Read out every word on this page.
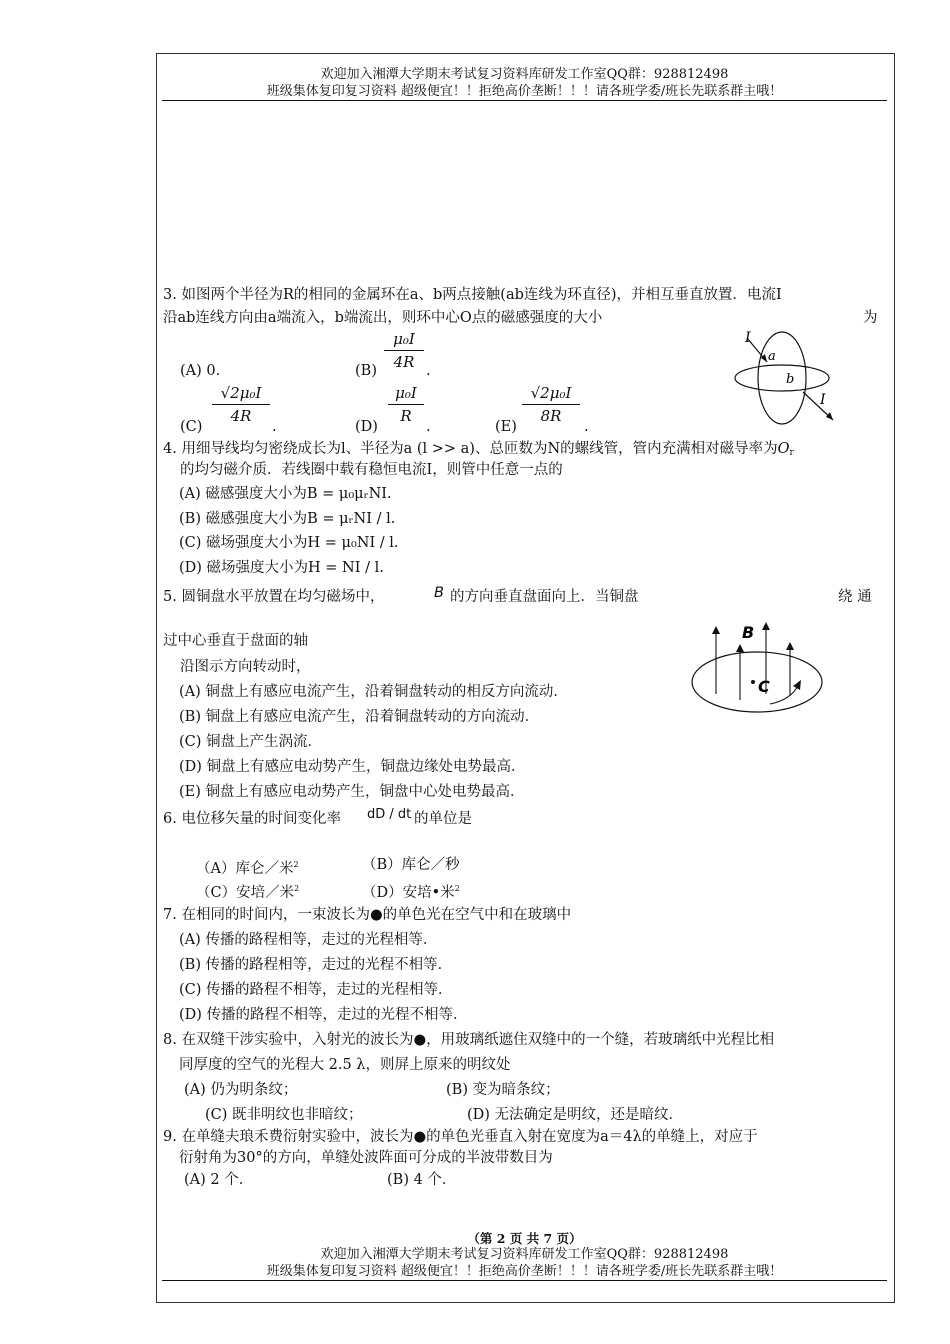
欢迎加入湘潭大学期末考试复习资料库研发工作室QQ群：928812498
班级集体复印复习资料 超级便宜！！拒绝高价垄断！！！请各班学委/班长先联系群主哦！
3. 如图两个半径为R的相同的金属环在a、b两点接触(ab连线为环直径)，并相互垂直放置．电流I
沿ab连线方向由a端流入，b端流出，则环中心O点的磁感强度的大小	为
(A) 0.	$(B) \frac{\text{μ₀I}}{4R}$ .
(C)
$\frac{\text{√2μ₀I}}{4R}$
.	(D)
$\frac{\text{μ₀I}}{R}$
.	(E)
$\frac{\text{√2μ₀I}}{8R}$
.
I
a
b
I
4. 用细导线均匀密绕成长为l、半径为a (l >> a)、总匝数为N的螺线管，管内充满相对磁导率为Οr
的均匀磁介质．若线圈中载有稳恒电流I，则管中任意一点的
(A) 磁感强度大小为B = μ₀μᵣNI.
(B) 磁感强度大小为B = μᵣNI / l.
(C) 磁场强度大小为H = μ₀NI / l.
(D) 磁场强度大小为H = NI / l.
5. 圆铜盘水平放置在均匀磁场中，	B 的方向垂直盘面向上．当铜盘	绕 通
过中心垂直于盘面的轴
沿图示方向转动时，
(A) 铜盘上有感应电流产生，沿着铜盘转动的相反方向流动．
(B) 铜盘上有感应电流产生，沿着铜盘转动的方向流动．
(C) 铜盘上产生涡流．
(D) 铜盘上有感应电动势产生，铜盘边缘处电势最高．
(E) 铜盘上有感应电动势产生，铜盘中心处电势最高．
B
C
6. 电位移矢量的时间变化率 dD / dt 的单位是
（A）库仑／米$^2$	（B）库仑／秒
（C）安培／米$^2$	（D）安培•米$^2$
7. 在相同的时间内，一束波长为●的单色光在空气中和在玻璃中
(A) 传播的路程相等，走过的光程相等．
(B) 传播的路程相等，走过的光程不相等．
(C) 传播的路程不相等，走过的光程相等．
(D) 传播的路程不相等，走过的光程不相等．
8. 在双缝干涉实验中，入射光的波长为●，用玻璃纸遮住双缝中的一个缝，若玻璃纸中光程比相
同厚度的空气的光程大 2.5 λ，则屏上原来的明纹处
(A) 仍为明条纹；	(B) 变为暗条纹；
(C) 既非明纹也非暗纹；	(D) 无法确定是明纹，还是暗纹．
9. 在单缝夫琅禾费衍射实验中，波长为●的单色光垂直入射在宽度为a＝4λ的单缝上，对应于
衍射角为30°的方向，单缝处波阵面可分成的半波带数目为
(A) 2 个．	(B) 4 个．
（第 2 页 共 7 页）
欢迎加入湘潭大学期末考试复习资料库研发工作室QQ群：928812498
班级集体复印复习资料 超级便宜！！拒绝高价垄断！！！请各班学委/班长先联系群主哦！
